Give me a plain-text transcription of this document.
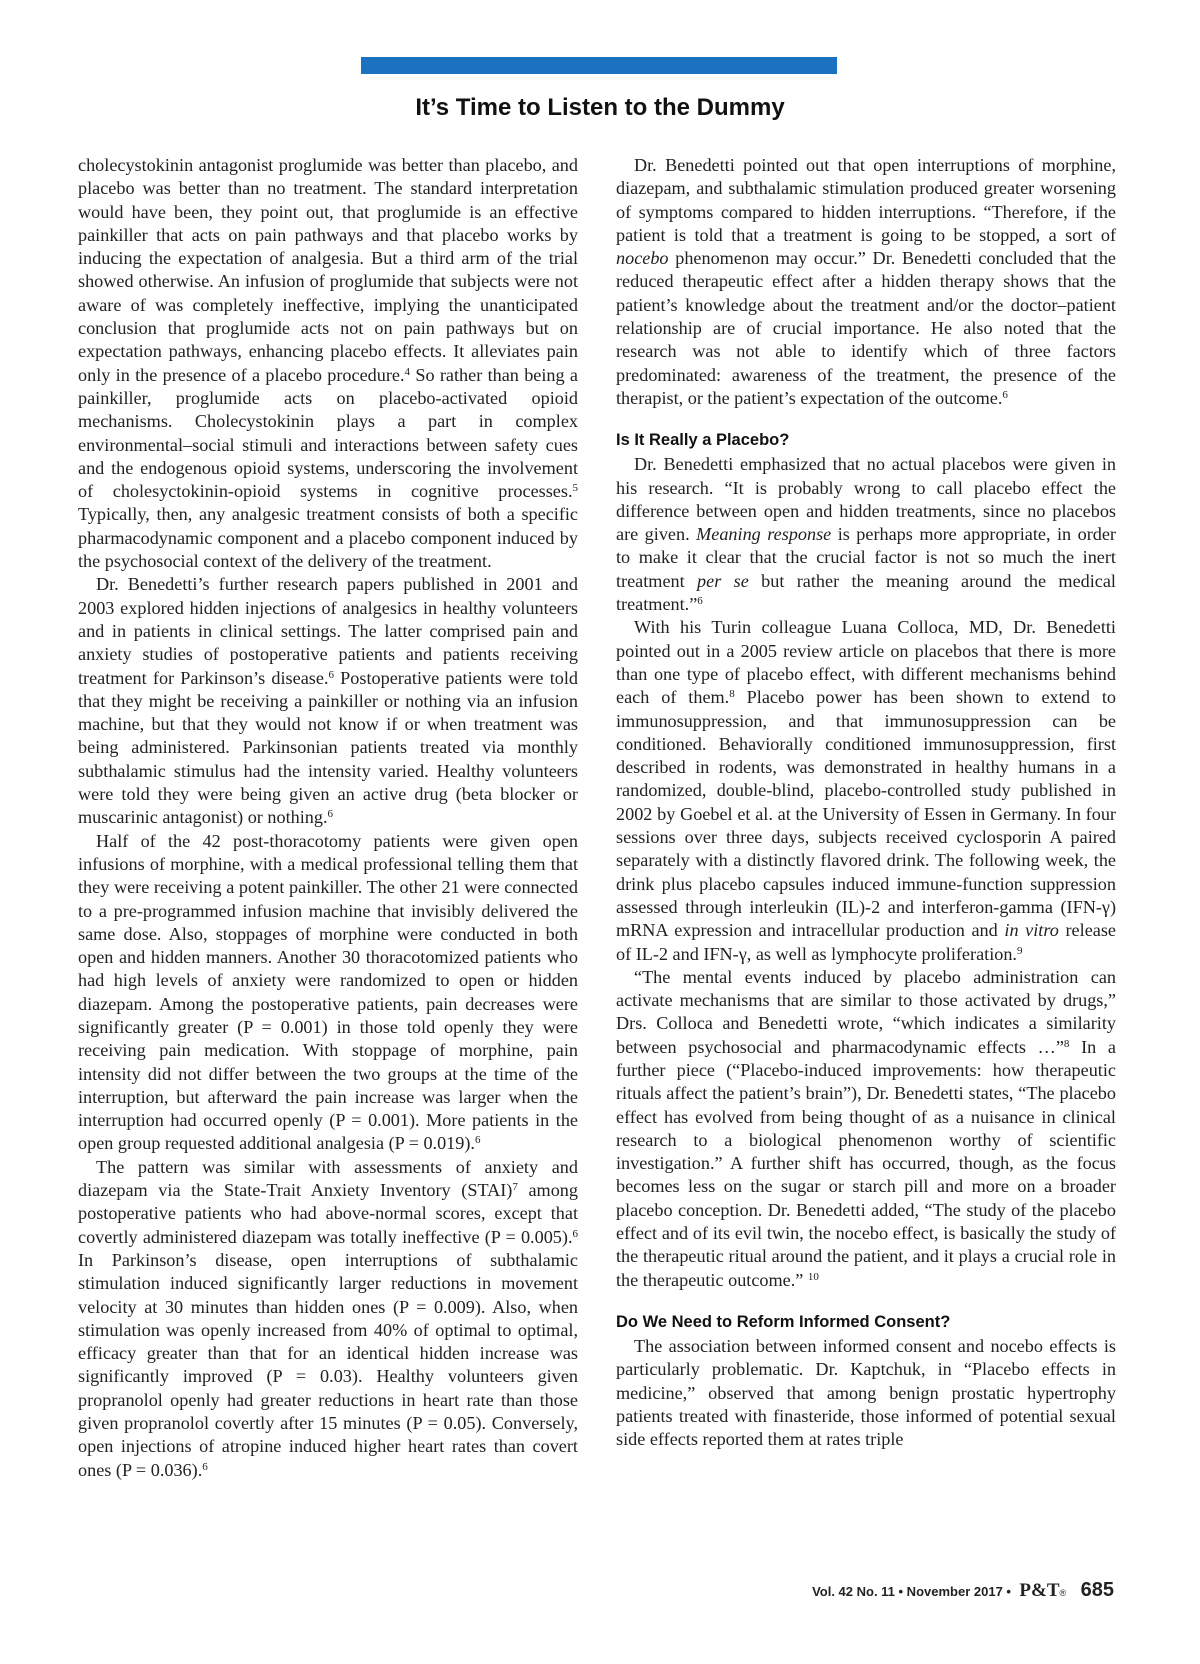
It’s Time to Listen to the Dummy

cholecystokinin antagonist proglumide was better than placebo, and placebo was better than no treatment. The standard interpretation would have been, they point out, that proglumide is an effective painkiller that acts on pain pathways and that placebo works by inducing the expectation of analgesia. But a third arm of the trial showed otherwise. An infusion of proglumide that subjects were not aware of was completely ineffective, implying the unanticipated conclusion that proglumide acts not on pain pathways but on expectation pathways, enhancing placebo effects. It alleviates pain only in the presence of a placebo procedure.$^4$ So rather than being a painkiller, proglumide acts on placebo-activated opioid mechanisms. Cholecystokinin plays a part in complex environmental–social stimuli and interactions between safety cues and the endogenous opioid systems, underscoring the involvement of cholesyctokinin-opioid systems in cognitive processes.$^5$ Typically, then, any analgesic treatment consists of both a specific pharmacodynamic component and a placebo component induced by the psychosocial context of the delivery of the treatment.

Dr. Benedetti’s further research papers published in 2001 and 2003 explored hidden injections of analgesics in healthy volunteers and in patients in clinical settings. The latter comprised pain and anxiety studies of postoperative patients and patients receiving treatment for Parkinson’s disease.$^6$ Postoperative patients were told that they might be receiving a painkiller or nothing via an infusion machine, but that they would not know if or when treatment was being administered. Parkinsonian patients treated via monthly subthalamic stimulus had the intensity varied. Healthy volunteers were told they were being given an active drug (beta blocker or muscarinic antagonist) or nothing.$^6$

Half of the 42 post-thoracotomy patients were given open infusions of morphine, with a medical professional telling them that they were receiving a potent painkiller. The other 21 were connected to a pre-programmed infusion machine that invisibly delivered the same dose. Also, stoppages of morphine were conducted in both open and hidden manners. Another 30 thoracotomized patients who had high levels of anxiety were randomized to open or hidden diazepam. Among the postoperative patients, pain decreases were significantly greater (P = 0.001) in those told openly they were receiving pain medication. With stoppage of morphine, pain intensity did not differ between the two groups at the time of the interruption, but afterward the pain increase was larger when the interruption had occurred openly (P = 0.001). More patients in the open group requested additional analgesia (P = 0.019).$^6$

The pattern was similar with assessments of anxiety and diazepam via the State-Trait Anxiety Inventory (STAI)$^7$ among postoperative patients who had above-normal scores, except that covertly administered diazepam was totally ineffective (P = 0.005).$^6$ In Parkinson’s disease, open interruptions of subthalamic stimulation induced significantly larger reductions in movement velocity at 30 minutes than hidden ones (P = 0.009). Also, when stimulation was openly increased from 40% of optimal to optimal, efficacy greater than that for an identical hidden increase was significantly improved (P = 0.03). Healthy volunteers given propranolol openly had greater reductions in heart rate than those given propranolol covertly after 15 minutes (P = 0.05). Conversely, open injections of atropine induced higher heart rates than covert ones (P = 0.036).$^6$

Dr. Benedetti pointed out that open interruptions of morphine, diazepam, and subthalamic stimulation produced greater worsening of symptoms compared to hidden interruptions. “Therefore, if the patient is told that a treatment is going to be stopped, a sort of nocebo phenomenon may occur.” Dr. Benedetti concluded that the reduced therapeutic effect after a hidden therapy shows that the patient’s knowledge about the treatment and/or the doctor–patient relationship are of crucial importance. He also noted that the research was not able to identify which of three factors predominated: awareness of the treatment, the presence of the therapist, or the patient’s expectation of the outcome.$^6$

Is It Really a Placebo?

Dr. Benedetti emphasized that no actual placebos were given in his research. “It is probably wrong to call placebo effect the difference between open and hidden treatments, since no placebos are given. Meaning response is perhaps more appropriate, in order to make it clear that the crucial factor is not so much the inert treatment per se but rather the meaning around the medical treatment.”$^6$

With his Turin colleague Luana Colloca, MD, Dr. Benedetti pointed out in a 2005 review article on placebos that there is more than one type of placebo effect, with different mechanisms behind each of them.$^8$ Placebo power has been shown to extend to immunosuppression, and that immunosuppression can be conditioned. Behaviorally conditioned immunosuppression, first described in rodents, was demonstrated in healthy humans in a randomized, double-blind, placebo-controlled study published in 2002 by Goebel et al. at the University of Essen in Germany. In four sessions over three days, subjects received cyclosporin A paired separately with a distinctly flavored drink. The following week, the drink plus placebo capsules induced immune-function suppression assessed through interleukin (IL)-2 and interferon-gamma (IFN-γ) mRNA expression and intracellular production and in vitro release of IL-2 and IFN-γ, as well as lymphocyte proliferation.$^9$

“The mental events induced by placebo administration can activate mechanisms that are similar to those activated by drugs,” Drs. Colloca and Benedetti wrote, “which indicates a similarity between psychosocial and pharmacodynamic effects …”$^8$ In a further piece (“Placebo-induced improvements: how therapeutic rituals affect the patient’s brain”), Dr. Benedetti states, “The placebo effect has evolved from being thought of as a nuisance in clinical research to a biological phenomenon worthy of scientific investigation.” A further shift has occurred, though, as the focus becomes less on the sugar or starch pill and more on a broader placebo conception. Dr. Benedetti added, “The study of the placebo effect and of its evil twin, the nocebo effect, is basically the study of the therapeutic ritual around the patient, and it plays a crucial role in the therapeutic outcome.” $^{10}$

Do We Need to Reform Informed Consent?

The association between informed consent and nocebo effects is particularly problematic. Dr. Kaptchuk, in “Placebo effects in medicine,” observed that among benign prostatic hypertrophy patients treated with finasteride, those informed of potential sexual side effects reported them at rates triple

Vol. 42 No. 11 • November 2017 • P&T® 685
